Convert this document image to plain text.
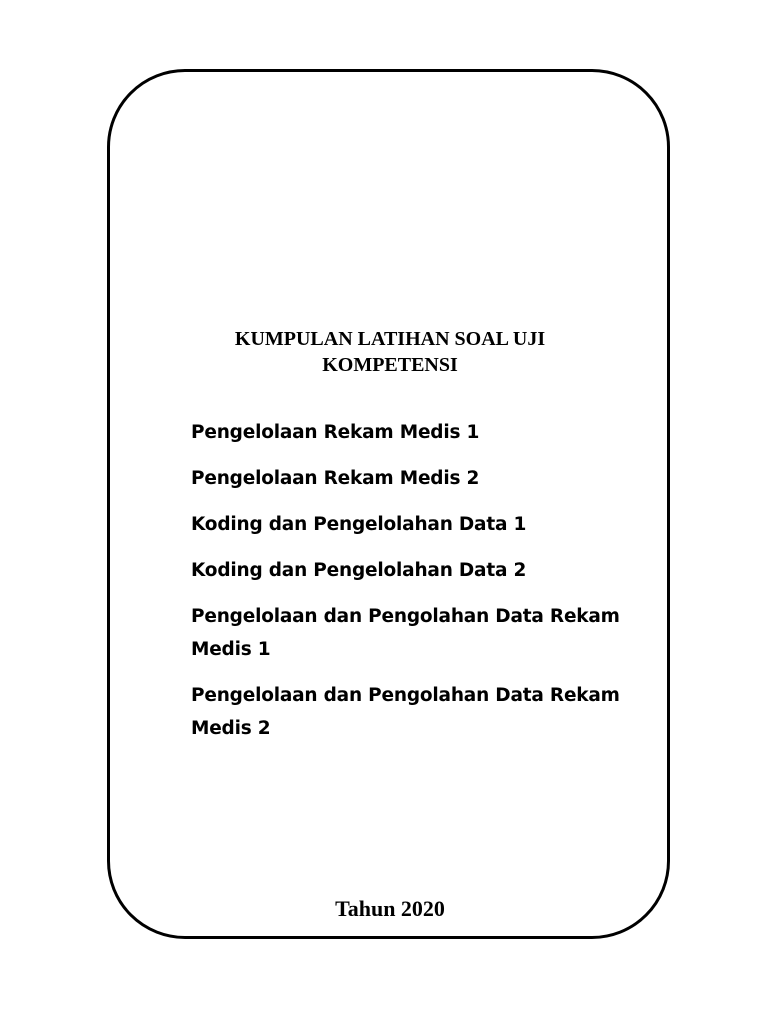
KUMPULAN LATIHAN SOAL UJI
KOMPETENSI
Pengelolaan Rekam Medis 1
Pengelolaan Rekam Medis 2
Koding dan Pengelolahan Data 1
Koding dan Pengelolahan Data 2
Pengelolaan dan Pengolahan Data Rekam Medis 1
Pengelolaan dan Pengolahan Data Rekam Medis 2
Tahun 2020
